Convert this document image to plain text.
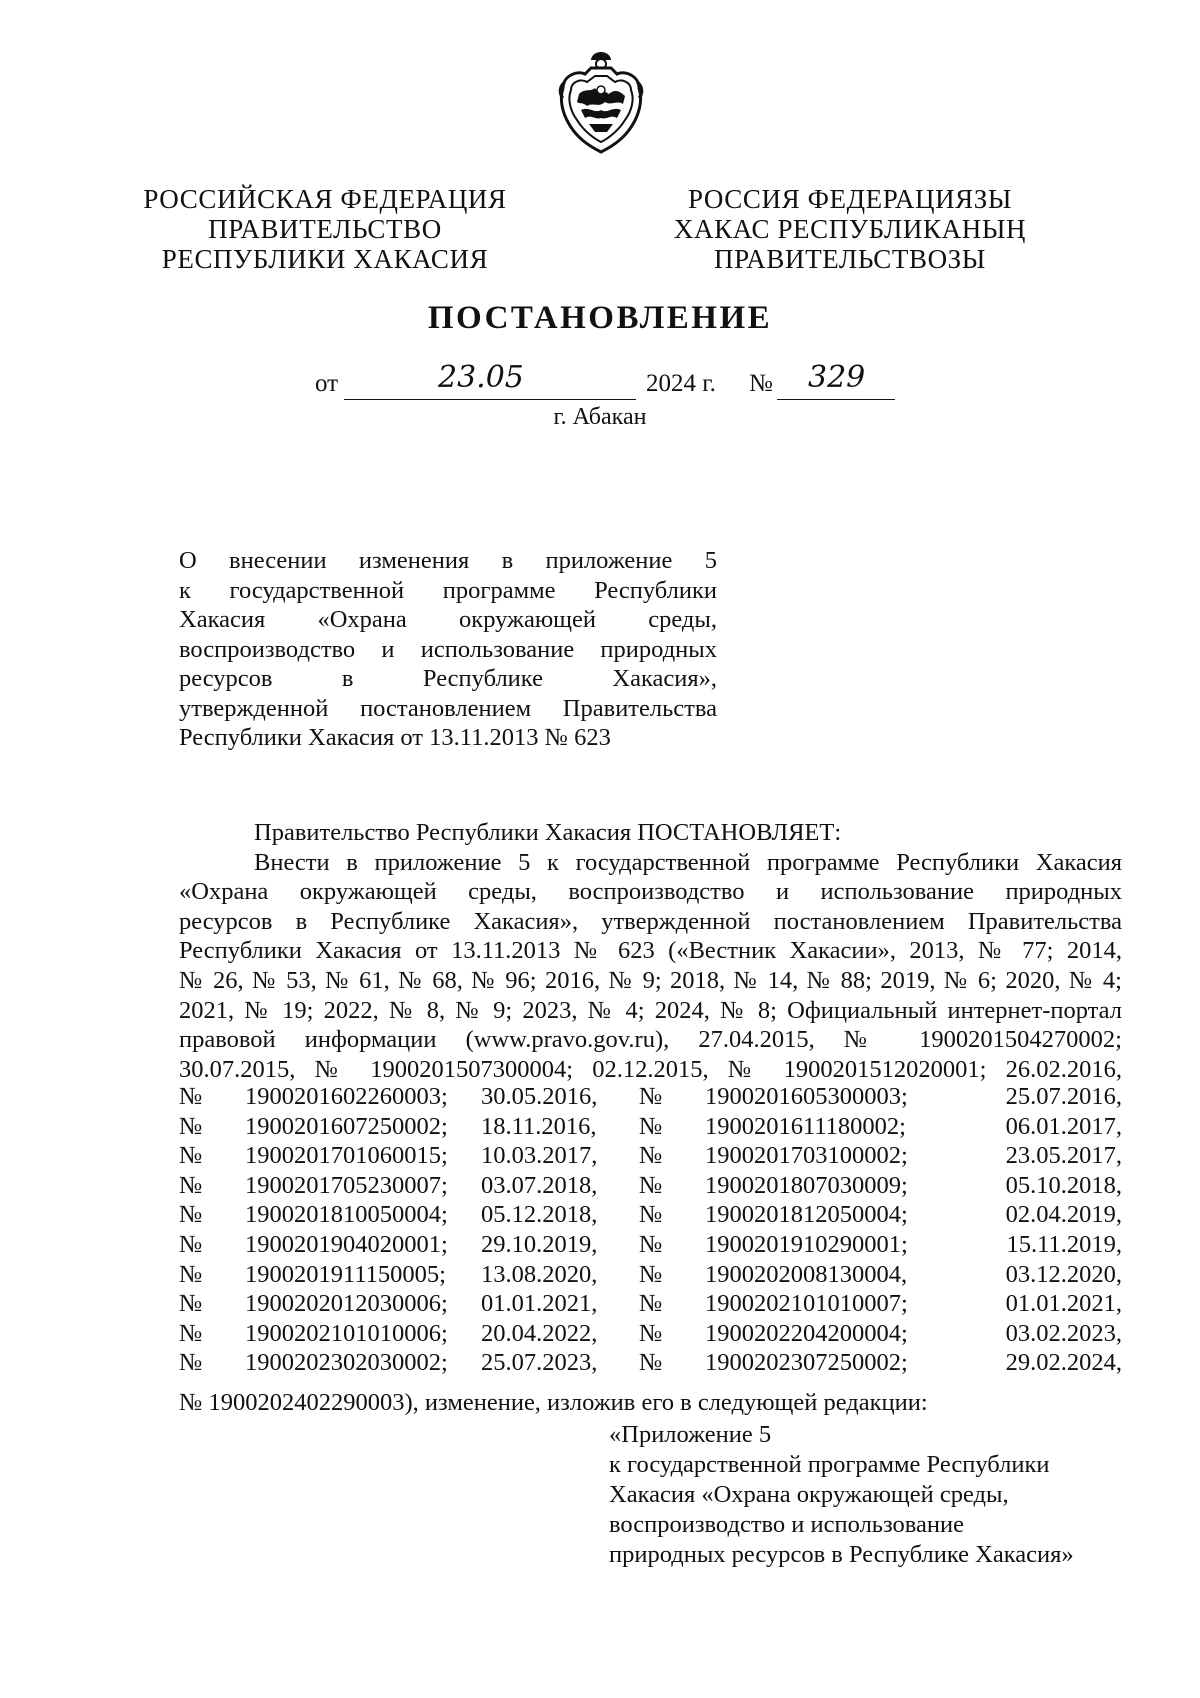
РОССИЙСКАЯ ФЕДЕРАЦИЯ
ПРАВИТЕЛЬСТВО
РЕСПУБЛИКИ ХАКАСИЯ
РОССИЯ ФЕДЕРАЦИЯЗЫ
ХАКАС РЕСПУБЛИКАНЫҢ
ПРАВИТЕЛЬСТВОЗЫ
ПОСТАНОВЛЕНИЕ
от	23.05	2024 г. № 329
г. Абакан
О внесении изменения в приложение 5
к государственной программе Республики
Хакасия «Охрана окружающей среды,
воспроизводство и использование природных
ресурсов в Республике Хакасия»,
утвержденной постановлением Правительства
Республики Хакасия от 13.11.2013 № 623
Правительство Республики Хакасия ПОСТАНОВЛЯЕТ:
Внести в приложение 5 к государственной программе Республики Хакасия
«Охрана окружающей среды, воспроизводство и использование природных
ресурсов в Республике Хакасия», утвержденной постановлением Правительства
Республики Хакасия от 13.11.2013 № 623 («Вестник Хакасии», 2013, № 77; 2014,
№ 26, № 53, № 61, № 68, № 96; 2016, № 9; 2018, № 14, № 88; 2019, № 6; 2020, № 4;
2021, № 19; 2022, № 8, № 9; 2023, № 4; 2024, № 8; Официальный интернет-портал
правовой информации (www.pravo.gov.ru), 27.04.2015, № 1900201504270002;
30.07.2015, № 1900201507300004; 02.12.2015, № 1900201512020001; 26.02.2016,
№	1900201602260003;	30.05.2016,	№	1900201605300003;	25.07.2016,
№	1900201607250002;	18.11.2016,	№	1900201611180002;	06.01.2017,
№	1900201701060015;	10.03.2017,	№	1900201703100002;	23.05.2017,
№	1900201705230007;	03.07.2018,	№	1900201807030009;	05.10.2018,
№	1900201810050004;	05.12.2018,	№	1900201812050004;	02.04.2019,
№	1900201904020001;	29.10.2019,	№	1900201910290001;	15.11.2019,
№	1900201911150005;	13.08.2020,	№	1900202008130004,	03.12.2020,
№	1900202012030006;	01.01.2021,	№	1900202101010007;	01.01.2021,
№	1900202101010006;	20.04.2022,	№	1900202204200004;	03.02.2023,
№	1900202302030002;	25.07.2023,	№	1900202307250002;	29.02.2024,
№ 1900202402290003), изменение, изложив его в следующей редакции:
«Приложение 5
к государственной программе Республики
Хакасия «Охрана окружающей среды,
воспроизводство и использование
природных ресурсов в Республике Хакасия»
